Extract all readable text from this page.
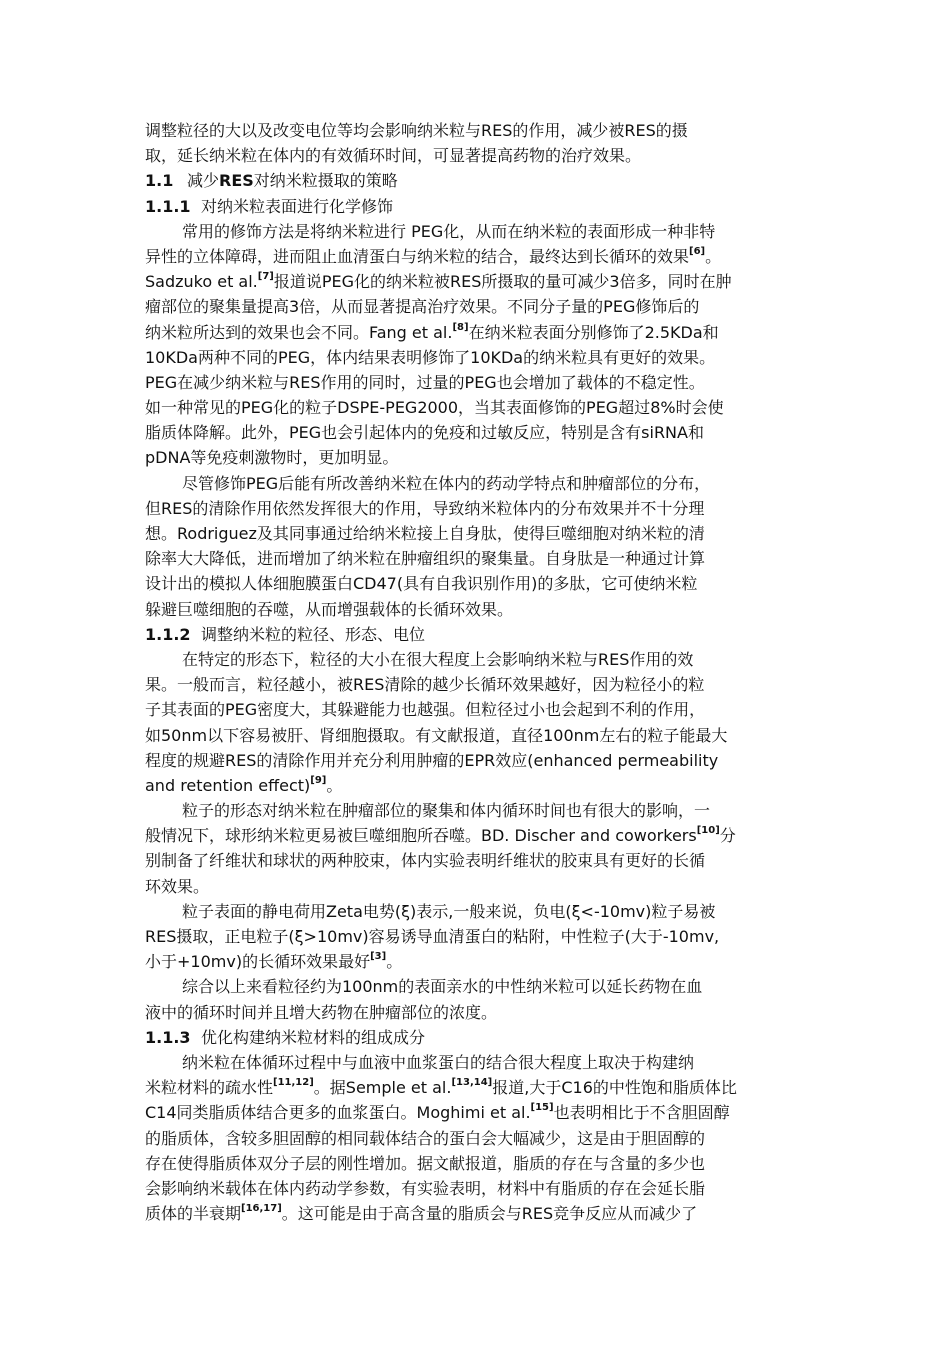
调整粒径的大以及改变电位等均会影响纳米粒与RES的作用，减少被RES的摄
取，延长纳米粒在体内的有效循环时间，可显著提高药物的治疗效果。
1.1 减少RES对纳米粒摄取的策略
1.1.1 对纳米粒表面进行化学修饰
常用的修饰方法是将纳米粒进行 PEG化，从而在纳米粒的表面形成一种非特
异性的立体障碍，进而阻止血清蛋白与纳米粒的结合，最终达到长循环的效果[6]。
Sadzuko et al.[7]报道说PEG化的纳米粒被RES所摄取的量可减少3倍多，同时在肿
瘤部位的聚集量提高3倍，从而显著提高治疗效果。不同分子量的PEG修饰后的
纳米粒所达到的效果也会不同。Fang et al.[8]在纳米粒表面分别修饰了2.5KDa和
10KDa两种不同的PEG，体内结果表明修饰了10KDa的纳米粒具有更好的效果。
PEG在减少纳米粒与RES作用的同时，过量的PEG也会增加了载体的不稳定性。
如一种常见的PEG化的粒子DSPE-PEG2000，当其表面修饰的PEG超过8%时会使
脂质体降解。此外，PEG也会引起体内的免疫和过敏反应，特别是含有siRNA和
pDNA等免疫刺激物时，更加明显。
尽管修饰PEG后能有所改善纳米粒在体内的药动学特点和肿瘤部位的分布，
但RES的清除作用依然发挥很大的作用，导致纳米粒体内的分布效果并不十分理
想。Rodriguez及其同事通过给纳米粒接上自身肽，使得巨噬细胞对纳米粒的清
除率大大降低，进而增加了纳米粒在肿瘤组织的聚集量。自身肽是一种通过计算
设计出的模拟人体细胞膜蛋白CD47(具有自我识别作用)的多肽，它可使纳米粒
躲避巨噬细胞的吞噬，从而增强载体的长循环效果。
1.1.2 调整纳米粒的粒径、形态、电位
在特定的形态下，粒径的大小在很大程度上会影响纳米粒与RES作用的效
果。一般而言，粒径越小，被RES清除的越少长循环效果越好，因为粒径小的粒
子其表面的PEG密度大，其躲避能力也越强。但粒径过小也会起到不利的作用，
如50nm以下容易被肝、肾细胞摄取。有文献报道，直径100nm左右的粒子能最大
程度的规避RES的清除作用并充分利用肿瘤的EPR效应(enhanced permeability
and retention effect)[9]。
粒子的形态对纳米粒在肿瘤部位的聚集和体内循环时间也有很大的影响，一
般情况下，球形纳米粒更易被巨噬细胞所吞噬。BD. Discher and coworkers[10]分
别制备了纤维状和球状的两种胶束，体内实验表明纤维状的胶束具有更好的长循
环效果。
粒子表面的静电荷用Zeta电势(ξ)表示,一般来说，负电(ξ<-10mv)粒子易被
RES摄取，正电粒子(ξ>10mv)容易诱导血清蛋白的粘附，中性粒子(大于-10mv,
小于+10mv)的长循环效果最好[3]。
综合以上来看粒径约为100nm的表面亲水的中性纳米粒可以延长药物在血
液中的循环时间并且增大药物在肿瘤部位的浓度。
1.1.3 优化构建纳米粒材料的组成成分
纳米粒在体循环过程中与血液中血浆蛋白的结合很大程度上取决于构建纳
米粒材料的疏水性[11,12]。据Semple et al.[13,14]报道,大于C16的中性饱和脂质体比
C14同类脂质体结合更多的血浆蛋白。Moghimi et al.[15]也表明相比于不含胆固醇
的脂质体，含较多胆固醇的相同载体结合的蛋白会大幅减少，这是由于胆固醇的
存在使得脂质体双分子层的刚性增加。据文献报道，脂质的存在与含量的多少也
会影响纳米载体在体内药动学参数，有实验表明，材料中有脂质的存在会延长脂
质体的半衰期[16,17]。这可能是由于高含量的脂质会与RES竞争反应从而减少了
